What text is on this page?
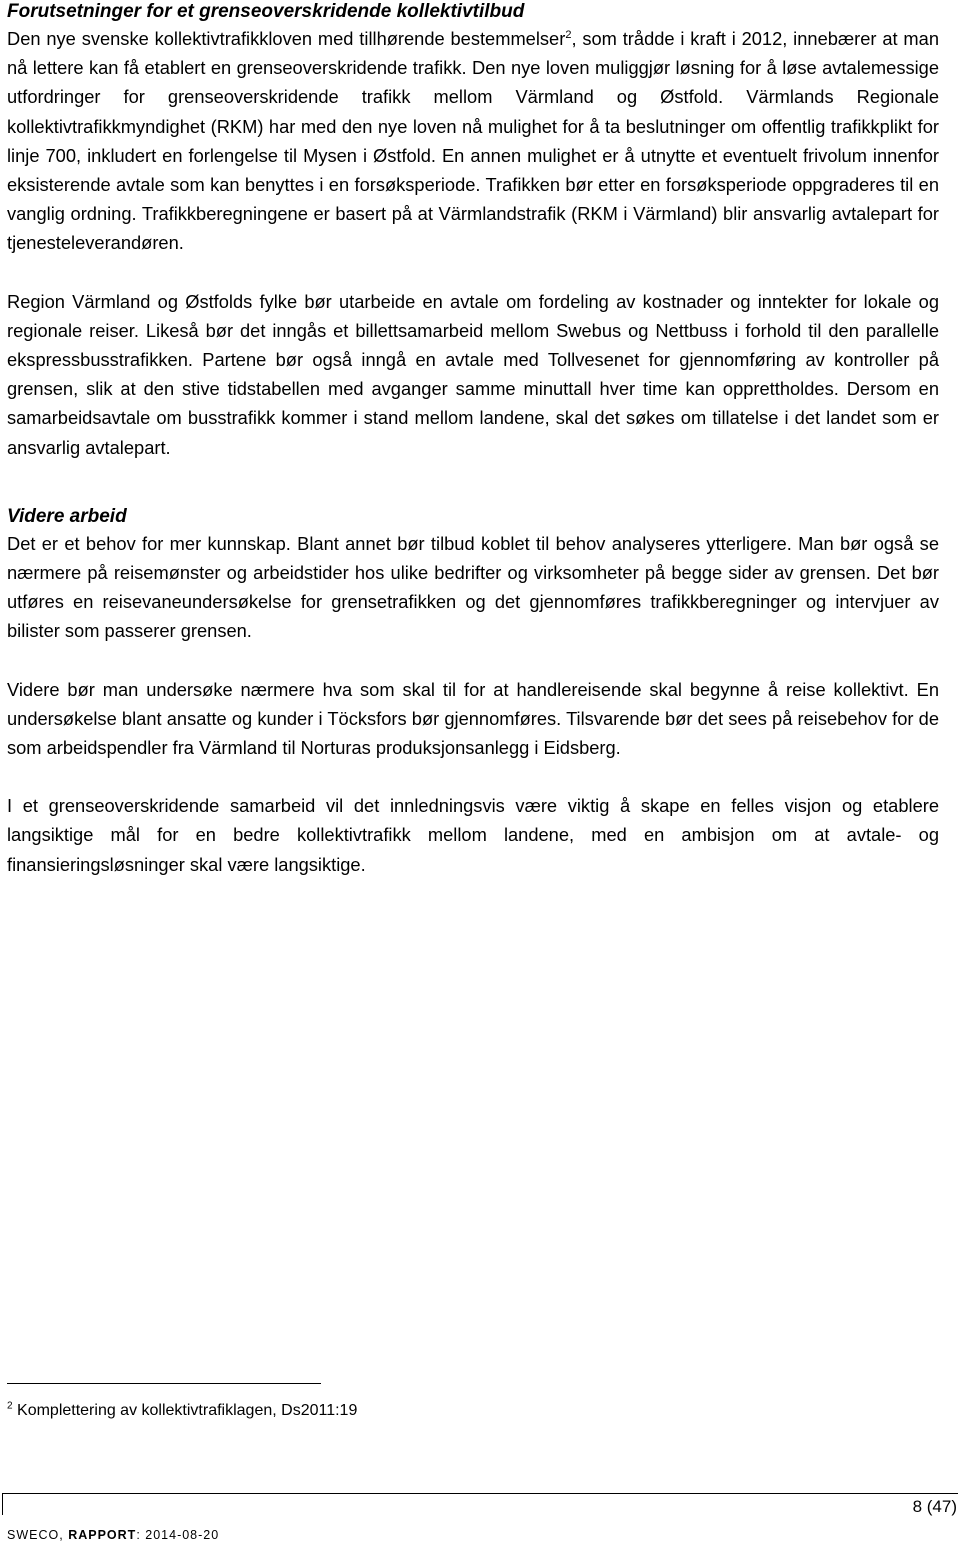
Forutsetninger for et grenseoverskridende kollektivtilbud

Den nye svenske kollektivtrafikkloven med tillhørende bestemmelser$^2$, som trådde i kraft i 2012, innebærer at man nå lettere kan få etablert en grenseoverskridende trafikk. Den nye loven muliggjør løsning for å løse avtalemessige utfordringer for grenseoverskridende trafikk mellom Värmland og Østfold. Värmlands Regionale kollektivtrafikkmyndighet (RKM) har med den nye loven nå mulighet for å ta beslutninger om offentlig trafikkplikt for linje 700, inkludert en forlengelse til Mysen i Østfold. En annen mulighet er å utnytte et eventuelt frivolum innenfor eksisterende avtale som kan benyttes i en forsøksperiode. Trafikken bør etter en forsøksperiode oppgraderes til en vanglig ordning. Trafikkberegningene er basert på at Värmlandstrafik (RKM i Värmland) blir ansvarlig avtalepart for tjenesteleverandøren.

Region Värmland og Østfolds fylke bør utarbeide en avtale om fordeling av kostnader og inntekter for lokale og regionale reiser. Likeså bør det inngås et billettsamarbeid mellom Swebus og Nettbuss i forhold til den parallelle ekspressbusstrafikken. Partene bør også inngå en avtale med Tollvesenet for gjennomføring av kontroller på grensen, slik at den stive tidstabellen med avganger samme minuttall hver time kan opprettholdes. Dersom en samarbeidsavtale om busstrafikk kommer i stand mellom landene, skal det søkes om tillatelse i det landet som er ansvarlig avtalepart.

Videre arbeid

Det er et behov for mer kunnskap. Blant annet bør tilbud koblet til behov analyseres ytterligere. Man bør også se nærmere på reisemønster og arbeidstider hos ulike bedrifter og virksomheter på begge sider av grensen. Det bør utføres en reisevaneundersøkelse for grensetrafikken og det gjennomføres trafikkberegninger og intervjuer av bilister som passerer grensen.

Videre bør man undersøke nærmere hva som skal til for at handlereisende skal begynne å reise kollektivt. En undersøkelse blant ansatte og kunder i Töcksfors bør gjennomføres. Tilsvarende bør det sees på reisebehov for de som arbeidspendler fra Värmland til Norturas produksjonsanlegg i Eidsberg.

I et grenseoverskridende samarbeid vil det innledningsvis være viktig å skape en felles visjon og etablere langsiktige mål for en bedre kollektivtrafikk mellom landene, med en ambisjon om at avtale- og finansieringsløsninger skal være langsiktige.

$^2$ Komplettering av kollektivtrafiklagen, Ds2011:19
8 (47)
SWECO, RAPPORT: 2014-08-20
